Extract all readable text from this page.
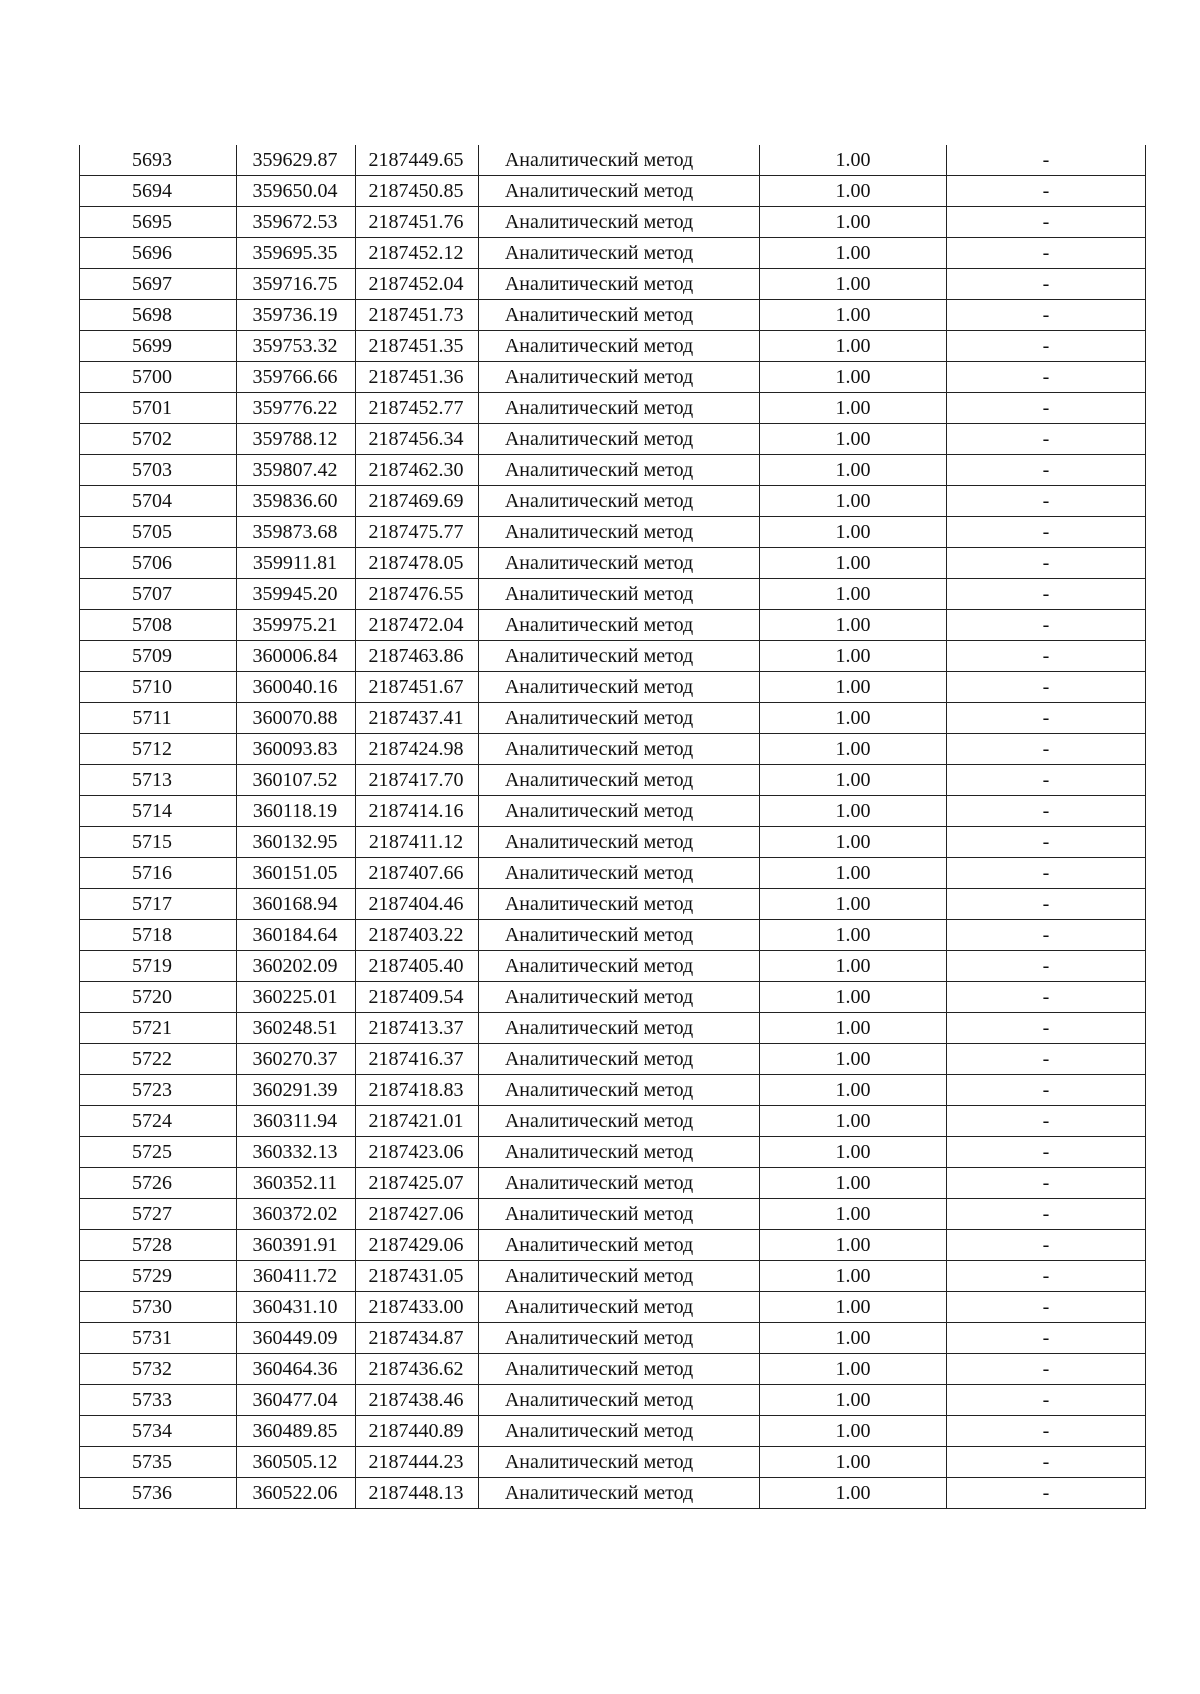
5693	359629.87	2187449.65	Аналитический метод	1.00	-
5694	359650.04	2187450.85	Аналитический метод	1.00	-
5695	359672.53	2187451.76	Аналитический метод	1.00	-
5696	359695.35	2187452.12	Аналитический метод	1.00	-
5697	359716.75	2187452.04	Аналитический метод	1.00	-
5698	359736.19	2187451.73	Аналитический метод	1.00	-
5699	359753.32	2187451.35	Аналитический метод	1.00	-
5700	359766.66	2187451.36	Аналитический метод	1.00	-
5701	359776.22	2187452.77	Аналитический метод	1.00	-
5702	359788.12	2187456.34	Аналитический метод	1.00	-
5703	359807.42	2187462.30	Аналитический метод	1.00	-
5704	359836.60	2187469.69	Аналитический метод	1.00	-
5705	359873.68	2187475.77	Аналитический метод	1.00	-
5706	359911.81	2187478.05	Аналитический метод	1.00	-
5707	359945.20	2187476.55	Аналитический метод	1.00	-
5708	359975.21	2187472.04	Аналитический метод	1.00	-
5709	360006.84	2187463.86	Аналитический метод	1.00	-
5710	360040.16	2187451.67	Аналитический метод	1.00	-
5711	360070.88	2187437.41	Аналитический метод	1.00	-
5712	360093.83	2187424.98	Аналитический метод	1.00	-
5713	360107.52	2187417.70	Аналитический метод	1.00	-
5714	360118.19	2187414.16	Аналитический метод	1.00	-
5715	360132.95	2187411.12	Аналитический метод	1.00	-
5716	360151.05	2187407.66	Аналитический метод	1.00	-
5717	360168.94	2187404.46	Аналитический метод	1.00	-
5718	360184.64	2187403.22	Аналитический метод	1.00	-
5719	360202.09	2187405.40	Аналитический метод	1.00	-
5720	360225.01	2187409.54	Аналитический метод	1.00	-
5721	360248.51	2187413.37	Аналитический метод	1.00	-
5722	360270.37	2187416.37	Аналитический метод	1.00	-
5723	360291.39	2187418.83	Аналитический метод	1.00	-
5724	360311.94	2187421.01	Аналитический метод	1.00	-
5725	360332.13	2187423.06	Аналитический метод	1.00	-
5726	360352.11	2187425.07	Аналитический метод	1.00	-
5727	360372.02	2187427.06	Аналитический метод	1.00	-
5728	360391.91	2187429.06	Аналитический метод	1.00	-
5729	360411.72	2187431.05	Аналитический метод	1.00	-
5730	360431.10	2187433.00	Аналитический метод	1.00	-
5731	360449.09	2187434.87	Аналитический метод	1.00	-
5732	360464.36	2187436.62	Аналитический метод	1.00	-
5733	360477.04	2187438.46	Аналитический метод	1.00	-
5734	360489.85	2187440.89	Аналитический метод	1.00	-
5735	360505.12	2187444.23	Аналитический метод	1.00	-
5736	360522.06	2187448.13	Аналитический метод	1.00	-
